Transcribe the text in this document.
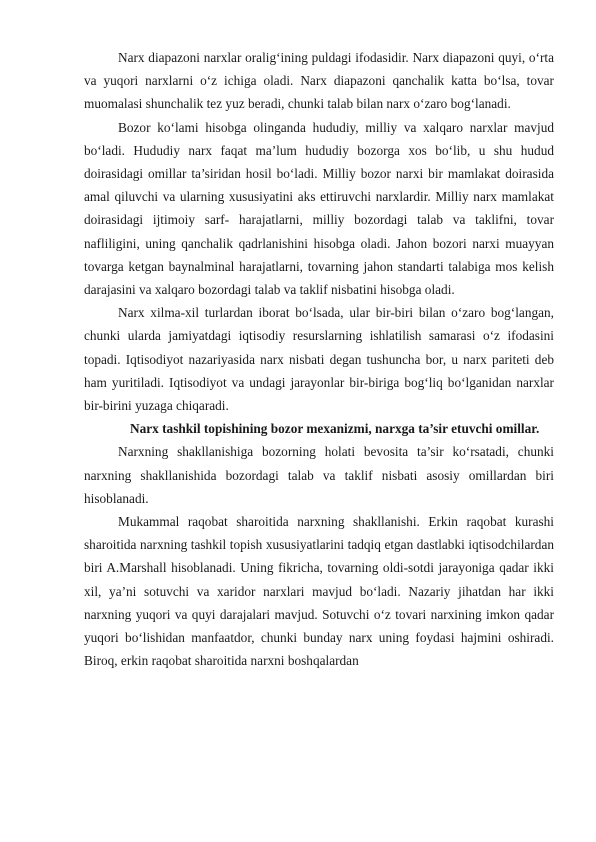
Narx diapazoni narxlar oralig‘ining puldagi ifodasidir. Narx diapazoni quyi, o‘rta va yuqori narxlarni o‘z ichiga oladi. Narx diapazoni qanchalik katta bo‘lsa, tovar muomalasi shunchalik tez yuz beradi, chunki talab bilan narx o‘zaro bog‘lanadi.

Bozor ko‘lami hisobga olinganda hududiy, milliy va xalqaro narxlar mavjud bo‘ladi. Hududiy narx faqat ma’lum hududiy bozorga xos bo‘lib, u shu hudud doirasidagi omillar ta’siridan hosil bo‘ladi. Milliy bozor narxi bir mamlakat doirasida amal qiluvchi va ularning xususiyatini aks ettiruvchi narxlardir. Milliy narx mamlakat doirasidagi ijtimoiy sarf- harajatlarni, milliy bozordagi talab va taklifni, tovar nafliligini, uning qanchalik qadrlanishini hisobga oladi. Jahon bozori narxi muayyan tovarga ketgan baynalminal harajatlarni, tovarning jahon standarti talabiga mos kelish darajasini va xalqaro bozordagi talab va taklif nisbatini hisobga oladi.

Narx xilma-xil turlardan iborat bo‘lsada, ular bir-biri bilan o‘zaro bog‘langan, chunki ularda jamiyatdagi iqtisodiy resurslarning ishlatilish samarasi o‘z ifodasini topadi. Iqtisodiyot nazariyasida narx nisbati degan tushuncha bor, u narx pariteti deb ham yuritiladi. Iqtisodiyot va undagi jarayonlar bir-biriga bog‘liq bo‘lganidan narxlar bir-birini yuzaga chiqaradi.

Narx tashkil topishining bozor mexanizmi, narxga ta’sir etuvchi omillar.

Narxning shakllanishiga bozorning holati bevosita ta’sir ko‘rsatadi, chunki narxning shakllanishida bozordagi talab va taklif nisbati asosiy omillardan biri hisoblanadi.

Mukammal raqobat sharoitida narxning shakllanishi. Erkin raqobat kurashi sharoitida narxning tashkil topish xususiyatlarini tadqiq etgan dastlabki iqtisodchilardan biri A.Marshall hisoblanadi. Uning fikricha, tovarning oldi-sotdi jarayoniga qadar ikki xil, ya’ni sotuvchi va xaridor narxlari mavjud bo‘ladi. Nazariy jihatdan har ikki narxning yuqori va quyi darajalari mavjud. Sotuvchi o‘z tovari narxining imkon qadar yuqori bo‘lishidan manfaatdor, chunki bunday narx uning foydasi hajmini oshiradi. Biroq, erkin raqobat sharoitida narxni boshqalardan
